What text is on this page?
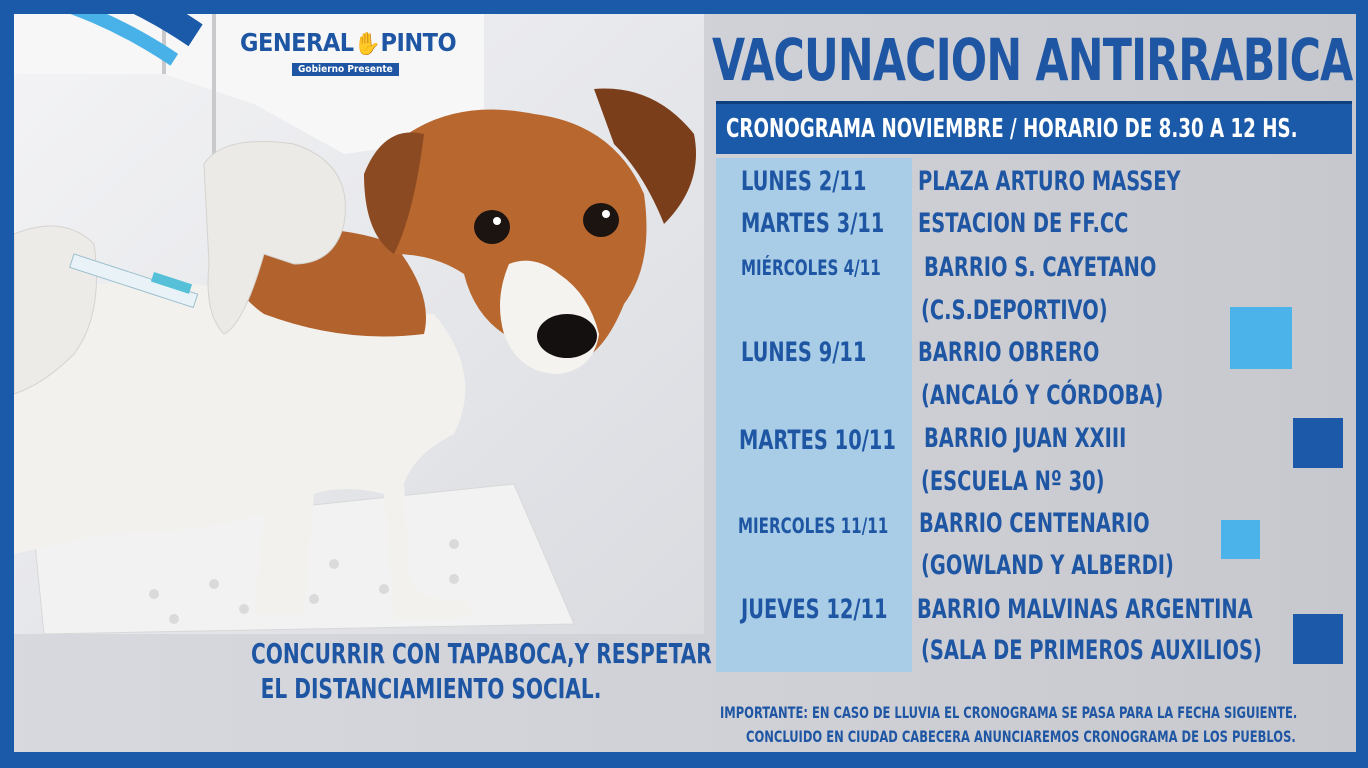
GENERAL✋PINTO
Gobierno Presente	VACUNACION ANTIRRABICA
CRONOGRAMA NOVIEMBRE / HORARIO DE 8.30 A 12 HS.
LUNES 2/11 PLAZA ARTURO MASSEY
MARTES 3/11 ESTACION DE FF.CC
MIÉRCOLES 4/11 BARRIO S. CAYETANO
(C.S.DEPORTIVO)
LUNES 9/11 BARRIO OBRERO
(ANCALÓ Y CÓRDOBA)
MARTES 10/11 BARRIO JUAN XXIII
(ESCUELA Nº 30)
MIERCOLES 11/11 BARRIO CENTENARIO
(GOWLAND Y ALBERDI)
JUEVES 12/11 BARRIO MALVINAS ARGENTINA
(SALA DE PRIMEROS AUXILIOS)
CONCURRIR CON TAPABOCA,Y RESPETAR
EL DISTANCIAMIENTO SOCIAL.
IMPORTANTE: EN CASO DE LLUVIA EL CRONOGRAMA SE PASA PARA LA FECHA SIGUIENTE.
CONCLUIDO EN CIUDAD CABECERA ANUNCIAREMOS CRONOGRAMA DE LOS PUEBLOS.
